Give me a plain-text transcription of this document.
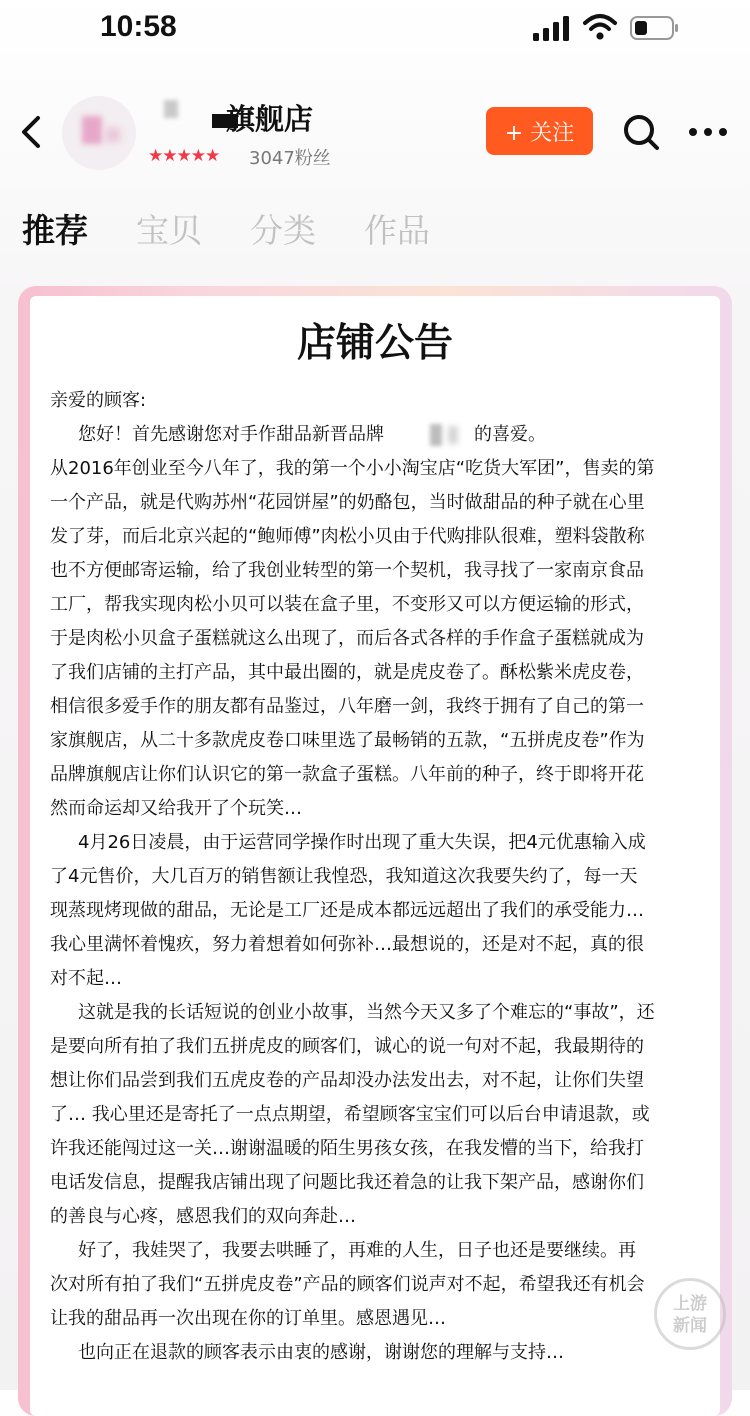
10:58
旗舰店
★★★★★ 3047粉丝
+ 关注
推荐 宝贝 分类 作品
店铺公告
亲爱的顾客:
您好！首先感谢您对手作甜品新晋品牌	的喜爱。
从2016年创业至今八年了，我的第一个小小淘宝店“吃货大军团”，售卖的第
一个产品，就是代购苏州“花园饼屋”的奶酪包，当时做甜品的种子就在心里
发了芽，而后北京兴起的“鲍师傅”肉松小贝由于代购排队很难，塑料袋散称
也不方便邮寄运输，给了我创业转型的第一个契机，我寻找了一家南京食品
工厂，帮我实现肉松小贝可以装在盒子里，不变形又可以方便运输的形式，
于是肉松小贝盒子蛋糕就这么出现了，而后各式各样的手作盒子蛋糕就成为
了我们店铺的主打产品，其中最出圈的，就是虎皮卷了。酥松紫米虎皮卷，
相信很多爱手作的朋友都有品鉴过，八年磨一剑，我终于拥有了自己的第一
家旗舰店，从二十多款虎皮卷口味里选了最畅销的五款，“五拼虎皮卷”作为
品牌旗舰店让你们认识它的第一款盒子蛋糕。八年前的种子，终于即将开花
然而命运却又给我开了个玩笑…
4月26日凌晨，由于运营同学操作时出现了重大失误，把4元优惠输入成
了4元售价，大几百万的销售额让我惶恐，我知道这次我要失约了，每一天
现蒸现烤现做的甜品，无论是工厂还是成本都远远超出了我们的承受能力…
我心里满怀着愧疚，努力着想着如何弥补…最想说的，还是对不起，真的很
对不起…
这就是我的长话短说的创业小故事，当然今天又多了个难忘的“事故”，还
是要向所有拍了我们五拼虎皮的顾客们，诚心的说一句对不起，我最期待的
想让你们品尝到我们五虎皮卷的产品却没办法发出去，对不起，让你们失望
了… 我心里还是寄托了一点点期望，希望顾客宝宝们可以后台申请退款，或
许我还能闯过这一关…谢谢温暖的陌生男孩女孩，在我发懵的当下，给我打
电话发信息，提醒我店铺出现了问题比我还着急的让我下架产品，感谢你们
的善良与心疼，感恩我们的双向奔赴…
好了，我娃哭了，我要去哄睡了，再难的人生，日子也还是要继续。再
次对所有拍了我们“五拼虎皮卷”产品的顾客们说声对不起，希望我还有机会
让我的甜品再一次出现在你的订单里。感恩遇见…
也向正在退款的顾客表示由衷的感谢，谢谢您的理解与支持…
上游
新闻
